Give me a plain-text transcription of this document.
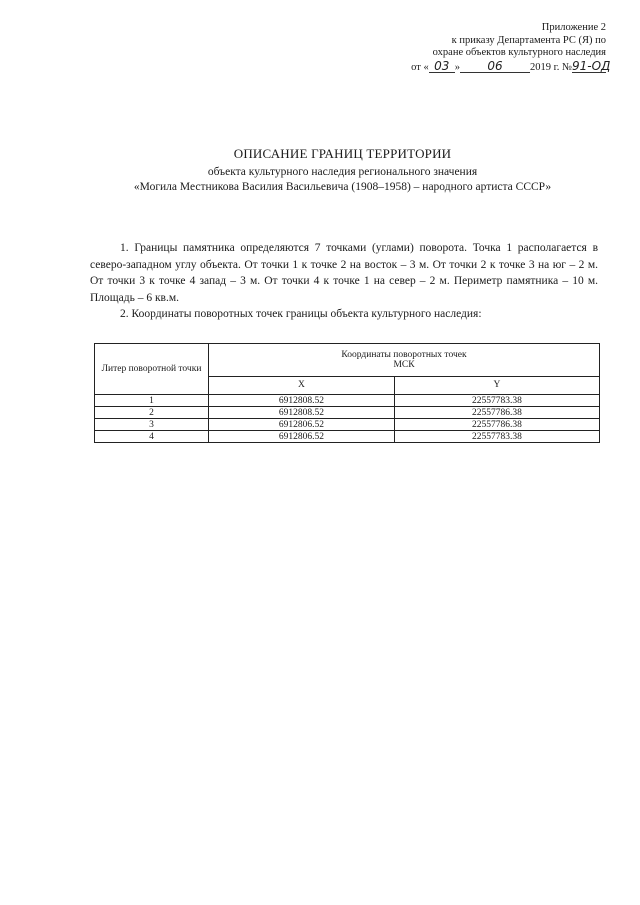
Приложение 2
к приказу Департамента РС (Я) по
охране объектов культурного наследия
от « 03 »	06	2019 г. № 91-ОД
ОПИСАНИЕ ГРАНИЦ ТЕРРИТОРИИ
объекта культурного наследия регионального значения
«Могила Местникова Василия Васильевича (1908–1958) – народного артиста СССР»

1. Границы памятника определяются 7 точками (углами) поворота. Точка 1 располагается в северо-западном углу объекта. От точки 1 к точке 2 на восток – 3 м. От точки 2 к точке 3 на юг – 2 м. От точки 3 к точке 4 запад – 3 м. От точки 4 к точке 1 на север – 2 м. Периметр памятника – 10 м. Площадь – 6 кв.м.

2. Координаты поворотных точек границы объекта культурного наследия:

Литер поворотной точки	Координаты поворотных точек
МСК	

	X	Y
1	6912808.52	22557783.38
2	6912808.52	22557786.38
3	6912806.52	22557786.38
4	6912806.52	22557783.38
